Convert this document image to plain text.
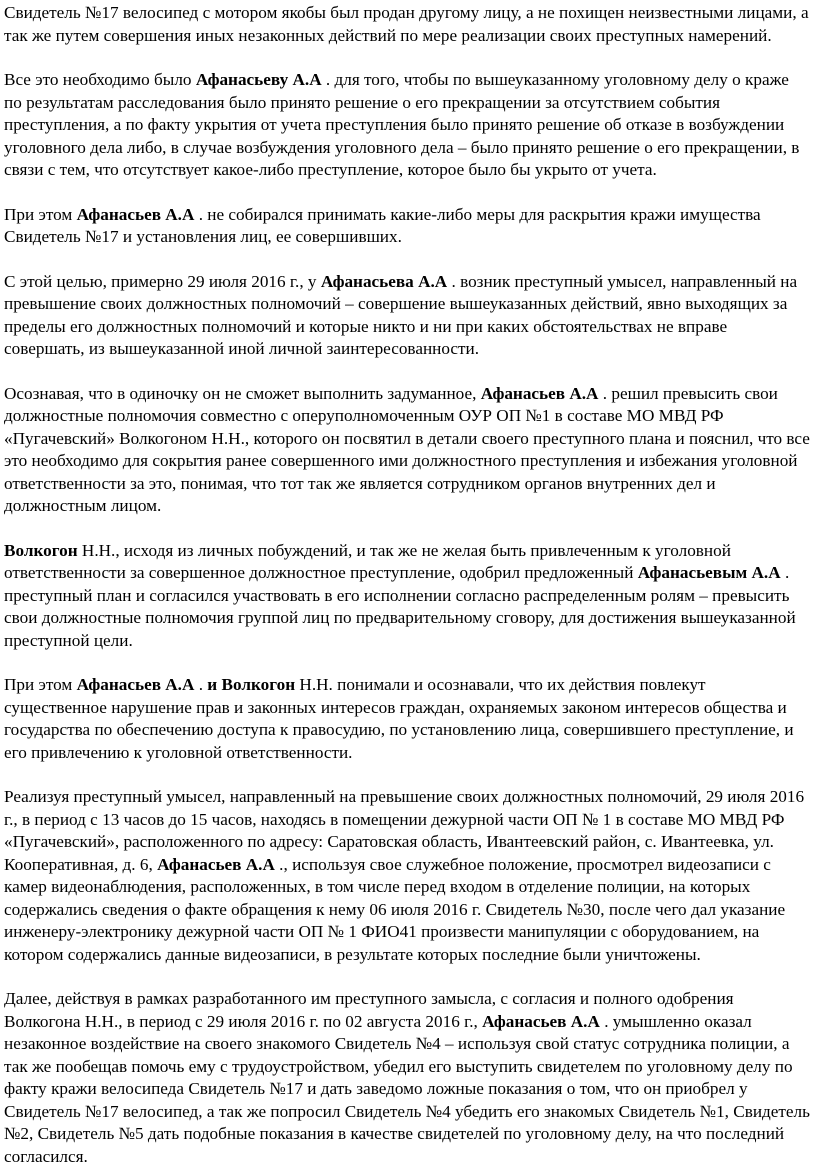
Свидетель №17 велосипед с мотором якобы был продан другому лицу, а не похищен неизвестными лицами, а так же путем совершения иных незаконных действий по мере реализации своих преступных намерений.

Все это необходимо было Афанасьеву А.А . для того, чтобы по вышеуказанному уголовному делу о краже по результатам расследования было принято решение о его прекращении за отсутствием события преступления, а по факту укрытия от учета преступления было принято решение об отказе в возбуждении уголовного дела либо, в случае возбуждения уголовного дела – было принято решение о его прекращении, в связи с тем, что отсутствует какое-либо преступление, которое было бы укрыто от учета.

При этом Афанасьев А.А . не собирался принимать какие-либо меры для раскрытия кражи имущества Свидетель №17 и установления лиц, ее совершивших.

С этой целью, примерно 29 июля 2016 г., у Афанасьева А.А . возник преступный умысел, направленный на превышение своих должностных полномочий – совершение вышеуказанных действий, явно выходящих за пределы его должностных полномочий и которые никто и ни при каких обстоятельствах не вправе совершать, из вышеуказанной иной личной заинтересованности.

Осознавая, что в одиночку он не сможет выполнить задуманное, Афанасьев А.А . решил превысить свои должностные полномочия совместно с оперуполномоченным ОУР ОП №1 в составе МО МВД РФ «Пугачевский» Волкогоном Н.Н., которого он посвятил в детали своего преступного плана и пояснил, что все это необходимо для сокрытия ранее совершенного ими должностного преступления и избежания уголовной ответственности за это, понимая, что тот так же является сотрудником органов внутренних дел и должностным лицом.

Волкогон Н.Н., исходя из личных побуждений, и так же не желая быть привлеченным к уголовной ответственности за совершенное должностное преступление, одобрил предложенный Афанасьевым А.А . преступный план и согласился участвовать в его исполнении согласно распределенным ролям – превысить свои должностные полномочия группой лиц по предварительному сговору, для достижения вышеуказанной преступной цели.

При этом Афанасьев А.А . и Волкогон Н.Н. понимали и осознавали, что их действия повлекут существенное нарушение прав и законных интересов граждан, охраняемых законом интересов общества и государства по обеспечению доступа к правосудию, по установлению лица, совершившего преступление, и его привлечению к уголовной ответственности.

Реализуя преступный умысел, направленный на превышение своих должностных полномочий, 29 июля 2016 г., в период с 13 часов до 15 часов, находясь в помещении дежурной части ОП № 1 в составе МО МВД РФ «Пугачевский», расположенного по адресу: Саратовская область, Ивантеевский район, с. Ивантеевка, ул. Кооперативная, д. 6, Афанасьев А.А ., используя свое служебное положение, просмотрел видеозаписи с камер видеонаблюдения, расположенных, в том числе перед входом в отделение полиции, на которых содержались сведения о факте обращения к нему 06 июля 2016 г. Свидетель №30, после чего дал указание инженеру-электронику дежурной части ОП № 1 ФИО41 произвести манипуляции с оборудованием, на котором содержались данные видеозаписи, в результате которых последние были уничтожены.

Далее, действуя в рамках разработанного им преступного замысла, с согласия и полного одобрения Волкогона Н.Н., в период с 29 июля 2016 г. по 02 августа 2016 г., Афанасьев А.А . умышленно оказал незаконное воздействие на своего знакомого Свидетель №4 – используя свой статус сотрудника полиции, а так же пообещав помочь ему с трудоустройством, убедил его выступить свидетелем по уголовному делу по факту кражи велосипеда Свидетель №17 и дать заведомо ложные показания о том, что он приобрел у Свидетель №17 велосипед, а так же попросил Свидетель №4 убедить его знакомых Свидетель №1, Свидетель №2, Свидетель №5 дать подобные показания в качестве свидетелей по уголовному делу, на что последний согласился.
